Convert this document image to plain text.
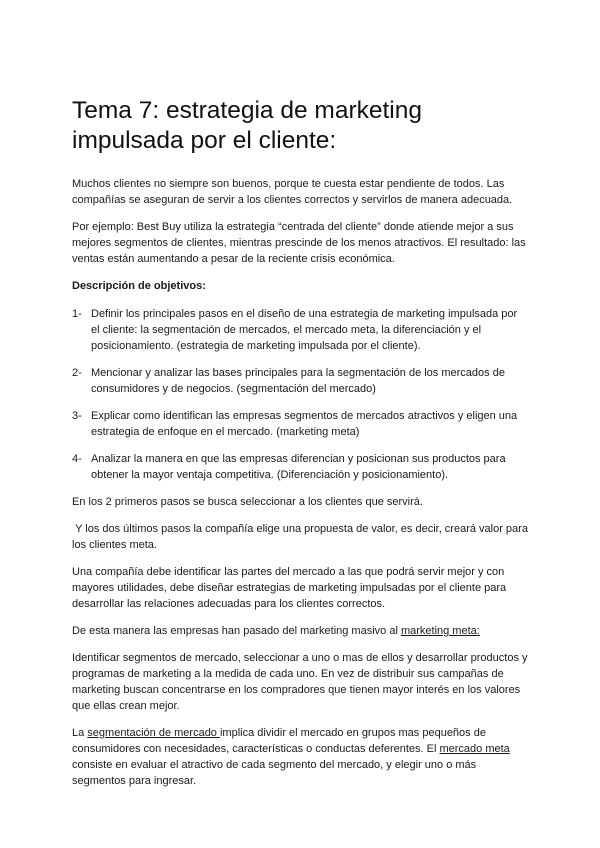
Tema 7: estrategia de marketing impulsada por el cliente:

Muchos clientes no siempre son buenos, porque te cuesta estar pendiente de todos. Las compañías se aseguran de servir a los clientes correctos y servirlos de manera adecuada.

Por ejemplo: Best Buy utiliza la estrategia “centrada del cliente” donde atiende mejor a sus mejores segmentos de clientes, mientras prescinde de los menos atractivos. El resultado: las ventas están aumentando a pesar de la reciente crisis económica.

Descripción de objetivos:

1- Definir los principales pasos en el diseño de una estrategia de marketing impulsada por el cliente: la segmentación de mercados, el mercado meta, la diferenciación y el posicionamiento. (estrategia de marketing impulsada por el cliente).
2- Mencionar y analizar las bases principales para la segmentación de los mercados de consumidores y de negocios. (segmentación del mercado)
3- Explicar como identifican las empresas segmentos de mercados atractivos y eligen una estrategia de enfoque en el mercado. (marketing meta)
4- Analizar la manera en que las empresas diferencian y posicionan sus productos para obtener la mayor ventaja competitiva. (Diferenciación y posicionamiento).

En los 2 primeros pasos se busca seleccionar a los clientes que servirá.

Y los dos últimos pasos la compañía elige una propuesta de valor, es decir, creará valor para los clientes meta.

Una compañía debe identificar las partes del mercado a las que podrá servir mejor y con mayores utilidades, debe diseñar estrategias de marketing impulsadas por el cliente para desarrollar las relaciones adecuadas para los clientes correctos.

De esta manera las empresas han pasado del marketing masivo al marketing meta:

Identificar segmentos de mercado, seleccionar a uno o mas de ellos y desarrollar productos y programas de marketing a la medida de cada uno. En vez de distribuir sus campañas de marketing buscan concentrarse en los compradores que tienen mayor interés en los valores que ellas crean mejor.

La segmentación de mercado implica dividir el mercado en grupos mas pequeños de consumidores con necesidades, características o conductas deferentes. El mercado meta consiste en evaluar el atractivo de cada segmento del mercado, y elegir uno o más segmentos para ingresar.
